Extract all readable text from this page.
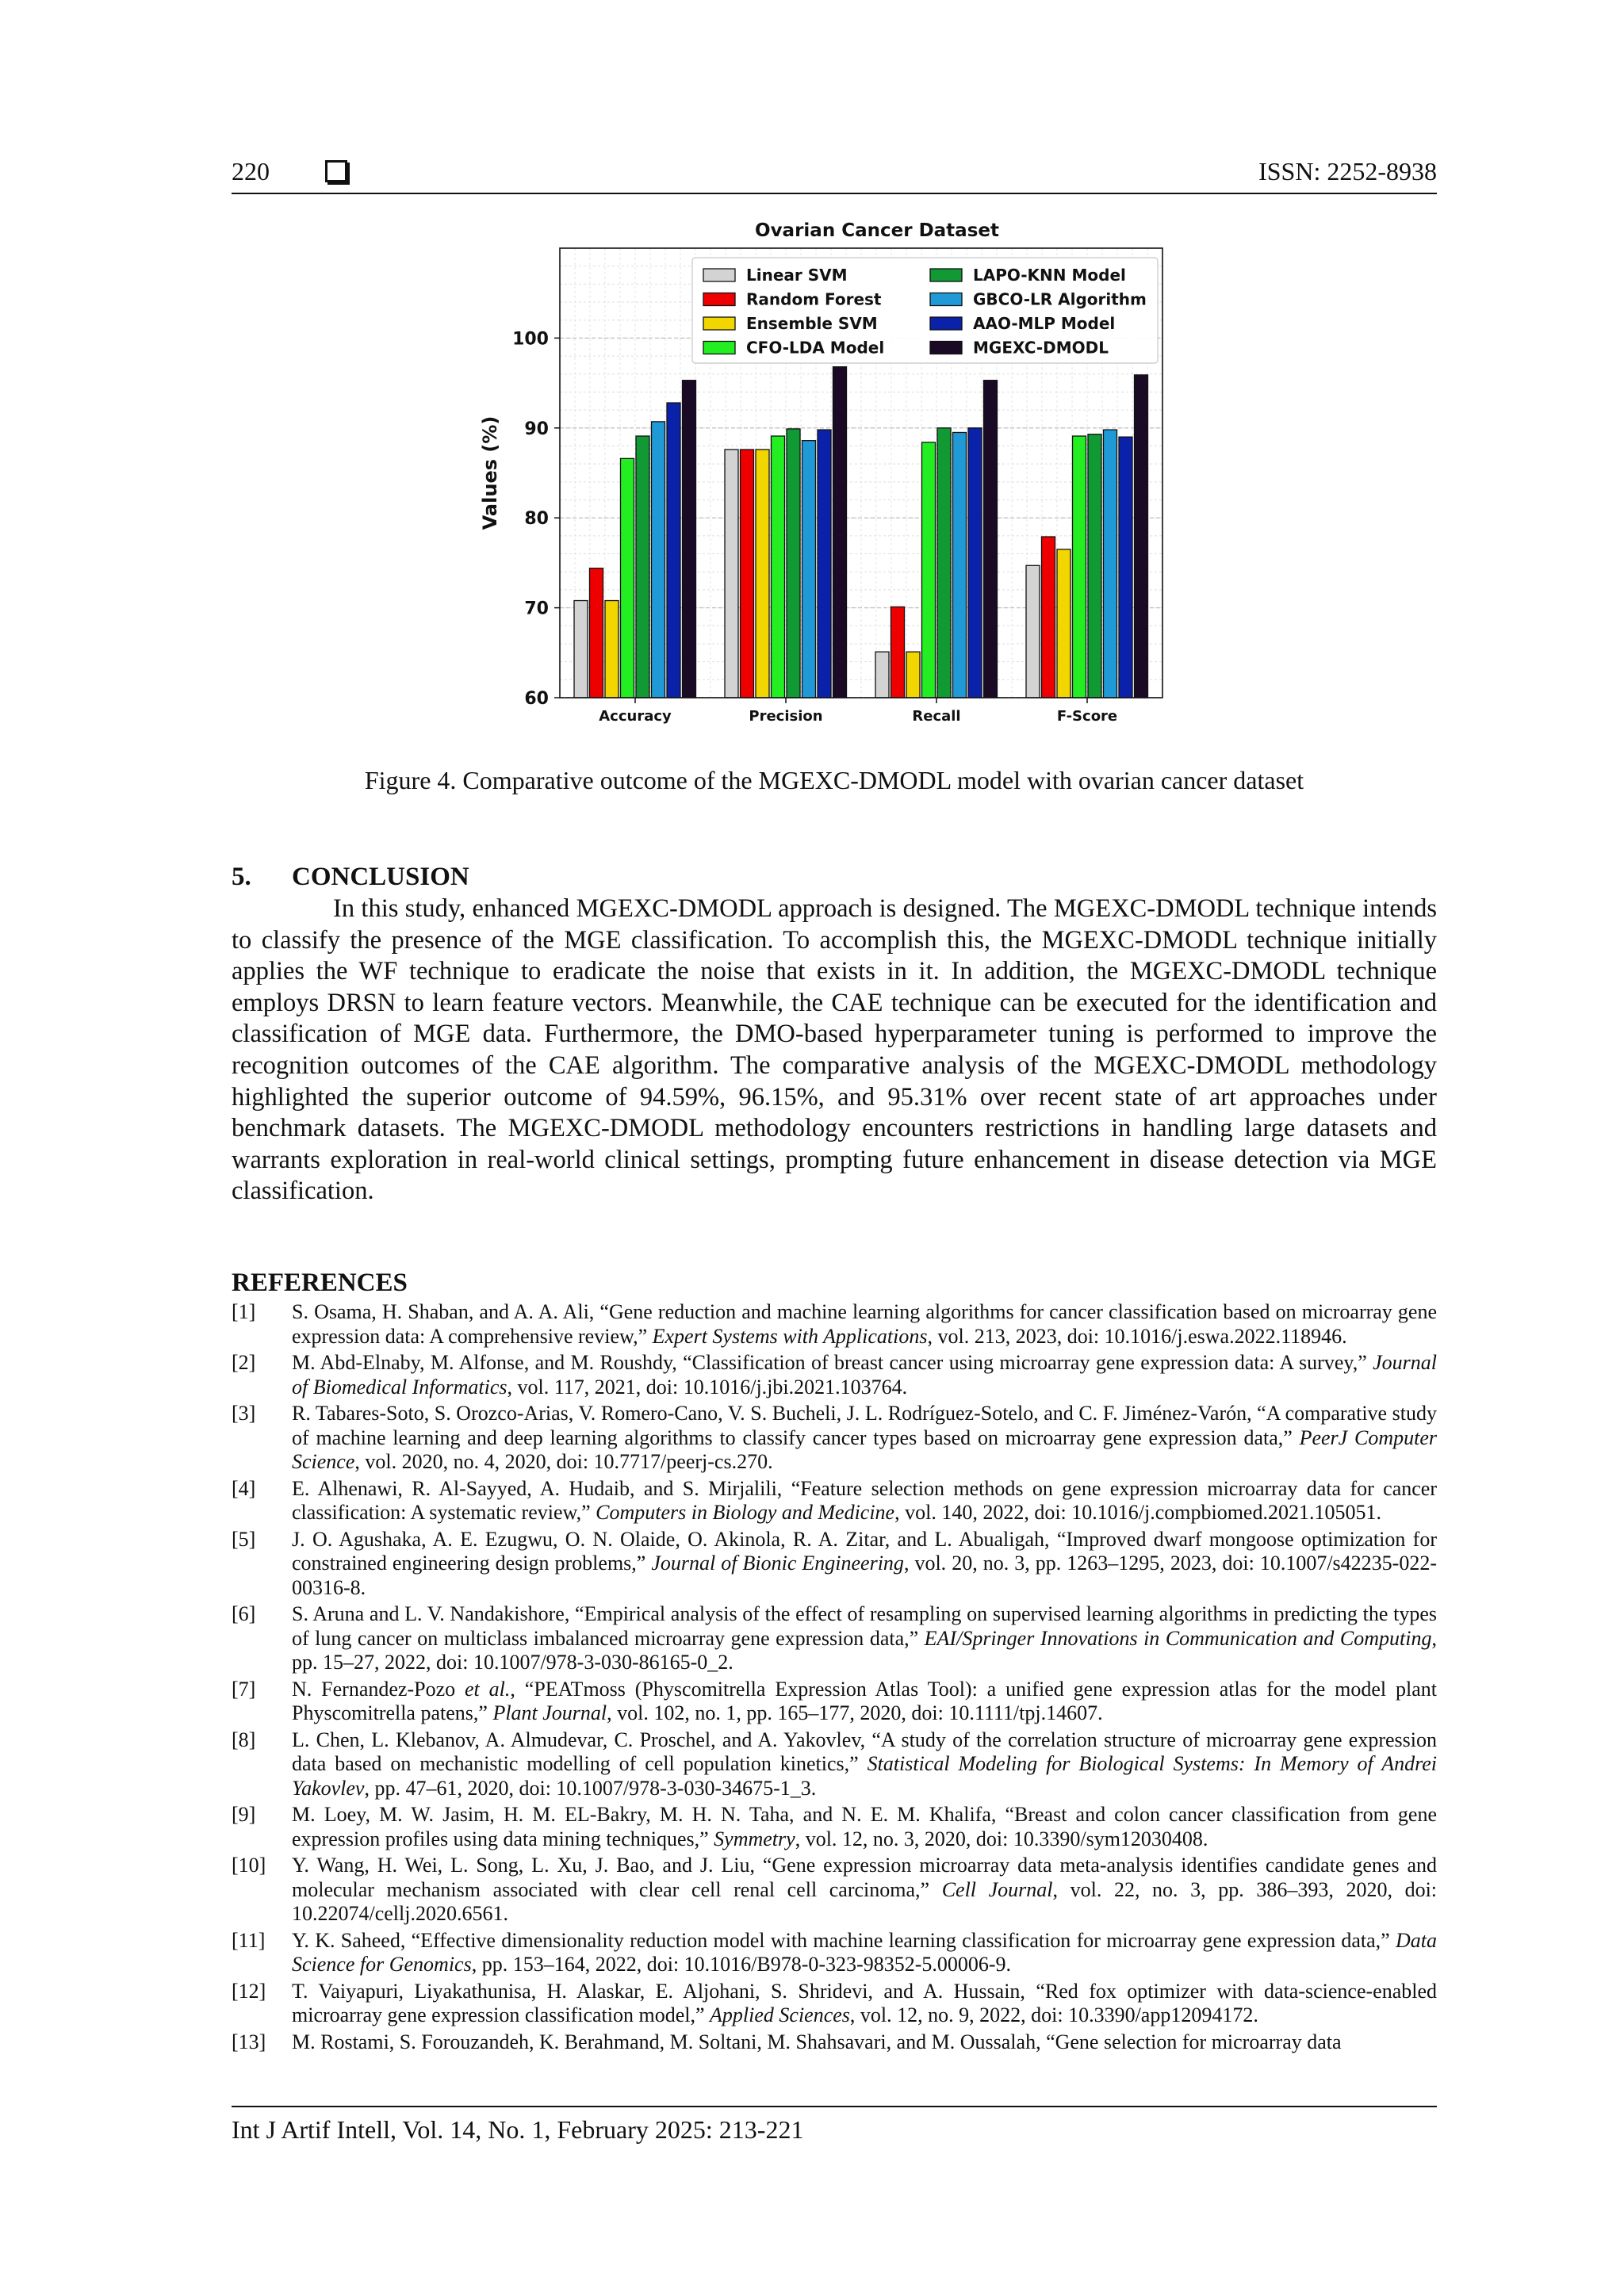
220	ISSN: 2252-8938
Ovarian Cancer Dataset
60
70
80
90
100
Values (%)
Accuracy	Precision	Recall	F-Score
Linear SVM
Random Forest
Ensemble SVM
CFO-LDA Model
LAPO-KNN Model
GBCO-LR Algorithm
AAO-MLP Model
MGEXC-DMODL
Figure 4. Comparative outcome of the MGEXC-DMODL model with ovarian cancer dataset
5. CONCLUSION

In this study, enhanced MGEXC-DMODL approach is designed. The MGEXC-DMODL technique intends to classify the presence of the MGE classification. To accomplish this, the MGEXC-DMODL technique initially applies the WF technique to eradicate the noise that exists in it. In addition, the MGEXC-DMODL technique employs DRSN to learn feature vectors. Meanwhile, the CAE technique can be executed for the identification and classification of MGE data. Furthermore, the DMO-based hyperparameter tuning is performed to improve the recognition outcomes of the CAE algorithm. The comparative analysis of the MGEXC-DMODL methodology highlighted the superior outcome of 94.59%, 96.15%, and 95.31% over recent state of art approaches under benchmark datasets. The MGEXC-DMODL methodology encounters restrictions in handling large datasets and warrants exploration in real-world clinical settings, prompting future enhancement in disease detection via MGE classification.

REFERENCES
[1] S. Osama, H. Shaban, and A. A. Ali, “Gene reduction and machine learning algorithms for cancer classification based on microarray gene expression data: A comprehensive review,” Expert Systems with Applications, vol. 213, 2023, doi: 10.1016/j.eswa.2022.118946.
[2] M. Abd-Elnaby, M. Alfonse, and M. Roushdy, “Classification of breast cancer using microarray gene expression data: A survey,” Journal of Biomedical Informatics, vol. 117, 2021, doi: 10.1016/j.jbi.2021.103764.
[3] R. Tabares-Soto, S. Orozco-Arias, V. Romero-Cano, V. S. Bucheli, J. L. Rodríguez-Sotelo, and C. F. Jiménez-Varón, “A comparative study of machine learning and deep learning algorithms to classify cancer types based on microarray gene expression data,” PeerJ Computer Science, vol. 2020, no. 4, 2020, doi: 10.7717/peerj-cs.270.
[4] E. Alhenawi, R. Al-Sayyed, A. Hudaib, and S. Mirjalili, “Feature selection methods on gene expression microarray data for cancer classification: A systematic review,” Computers in Biology and Medicine, vol. 140, 2022, doi: 10.1016/j.compbiomed.2021.105051.
[5] J. O. Agushaka, A. E. Ezugwu, O. N. Olaide, O. Akinola, R. A. Zitar, and L. Abualigah, “Improved dwarf mongoose optimization for constrained engineering design problems,” Journal of Bionic Engineering, vol. 20, no. 3, pp. 1263–1295, 2023, doi: 10.1007/s42235-022-00316-8.
[6] S. Aruna and L. V. Nandakishore, “Empirical analysis of the effect of resampling on supervised learning algorithms in predicting the types of lung cancer on multiclass imbalanced microarray gene expression data,” EAI/Springer Innovations in Communication and Computing, pp. 15–27, 2022, doi: 10.1007/978-3-030-86165-0_2.
[7] N. Fernandez-Pozo et al., “PEATmoss (Physcomitrella Expression Atlas Tool): a unified gene expression atlas for the model plant Physcomitrella patens,” Plant Journal, vol. 102, no. 1, pp. 165–177, 2020, doi: 10.1111/tpj.14607.
[8] L. Chen, L. Klebanov, A. Almudevar, C. Proschel, and A. Yakovlev, “A study of the correlation structure of microarray gene expression data based on mechanistic modelling of cell population kinetics,” Statistical Modeling for Biological Systems: In Memory of Andrei Yakovlev, pp. 47–61, 2020, doi: 10.1007/978-3-030-34675-1_3.
[9] M. Loey, M. W. Jasim, H. M. EL-Bakry, M. H. N. Taha, and N. E. M. Khalifa, “Breast and colon cancer classification from gene expression profiles using data mining techniques,” Symmetry, vol. 12, no. 3, 2020, doi: 10.3390/sym12030408.
[10] Y. Wang, H. Wei, L. Song, L. Xu, J. Bao, and J. Liu, “Gene expression microarray data meta-analysis identifies candidate genes and molecular mechanism associated with clear cell renal cell carcinoma,” Cell Journal, vol. 22, no. 3, pp. 386–393, 2020, doi: 10.22074/cellj.2020.6561.
[11] Y. K. Saheed, “Effective dimensionality reduction model with machine learning classification for microarray gene expression data,” Data Science for Genomics, pp. 153–164, 2022, doi: 10.1016/B978-0-323-98352-5.00006-9.
[12] T. Vaiyapuri, Liyakathunisa, H. Alaskar, E. Aljohani, S. Shridevi, and A. Hussain, “Red fox optimizer with data-science-enabled microarray gene expression classification model,” Applied Sciences, vol. 12, no. 9, 2022, doi: 10.3390/app12094172.
[13] M. Rostami, S. Forouzandeh, K. Berahmand, M. Soltani, M. Shahsavari, and M. Oussalah, “Gene selection for microarray data
Int J Artif Intell, Vol. 14, No. 1, February 2025: 213-221
